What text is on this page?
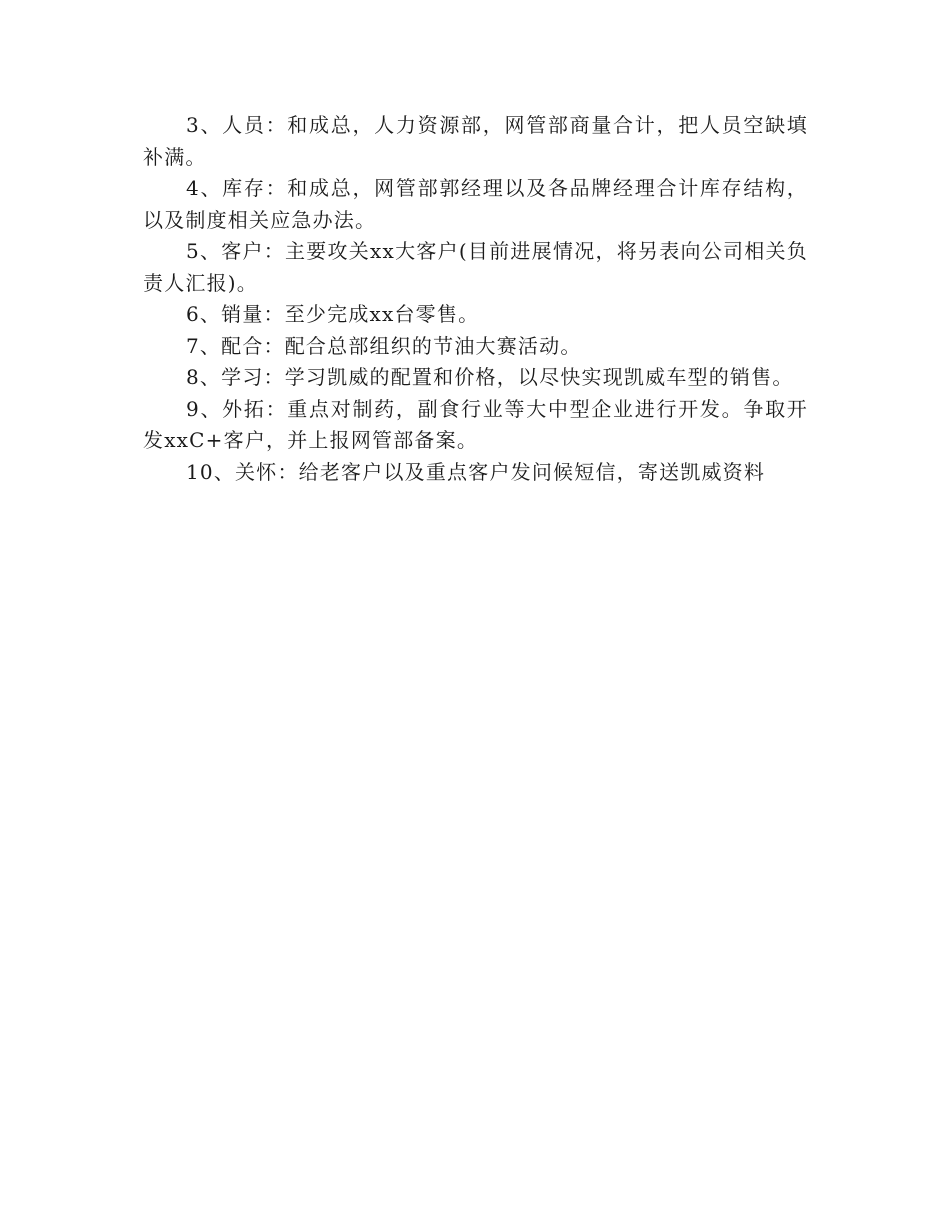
3、人员：和成总，人力资源部，网管部商量合计，把人员空缺填补满。

4、库存：和成总，网管部郭经理以及各品牌经理合计库存结构，以及制度相关应急办法。

5、客户：主要攻关xx大客户(目前进展情况，将另表向公司相关负责人汇报)。

6、销量：至少完成xx台零售。

7、配合：配合总部组织的节油大赛活动。

8、学习：学习凯威的配置和价格，以尽快实现凯威车型的销售。

9、外拓：重点对制药，副食行业等大中型企业进行开发。争取开发xxC+客户，并上报网管部备案。

10、关怀：给老客户以及重点客户发问候短信，寄送凯威资料
